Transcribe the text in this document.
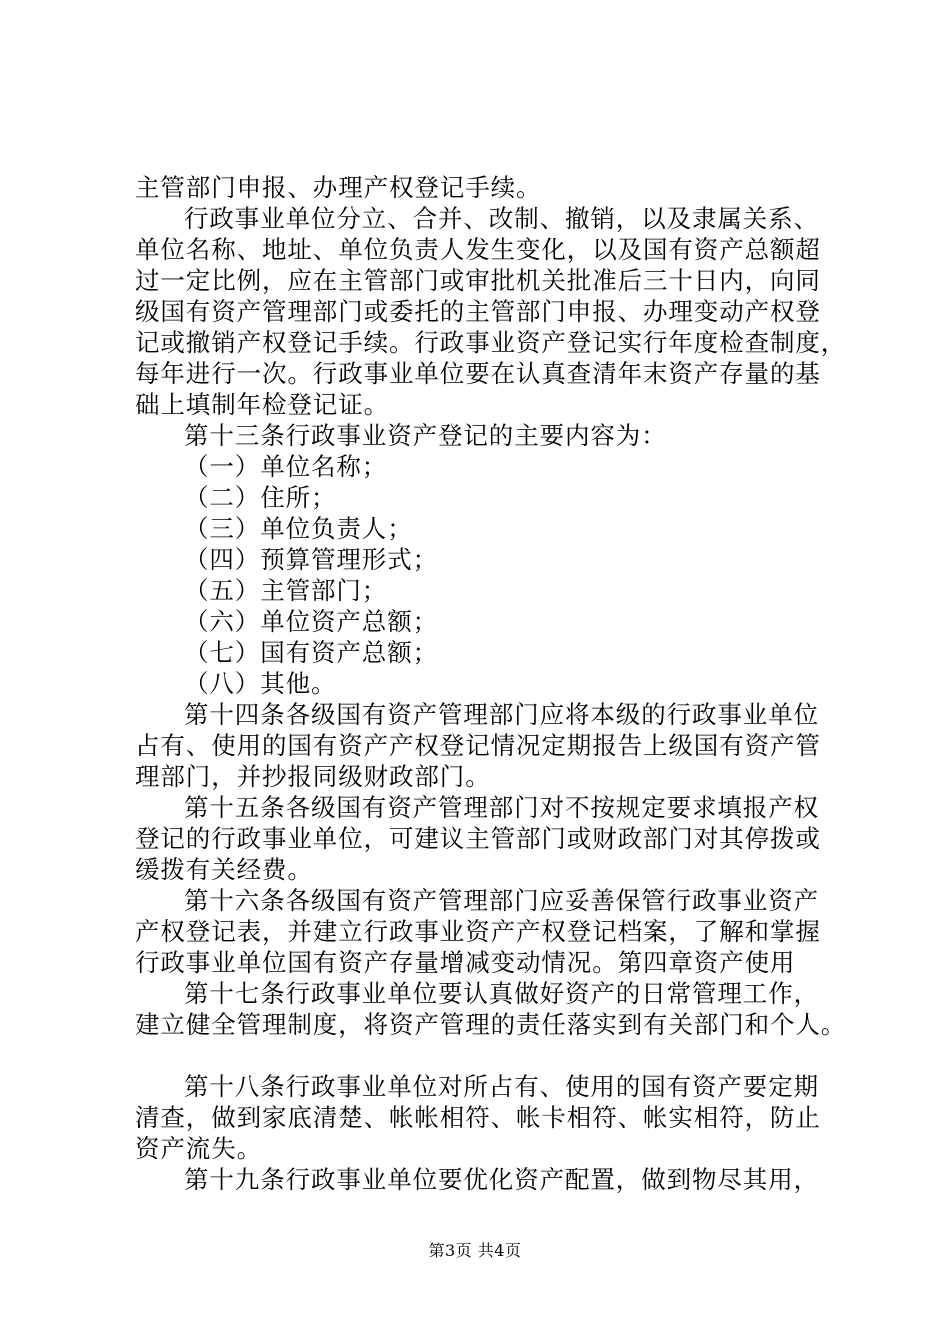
主管部门申报、办理产权登记手续。
行政事业单位分立、合并、改制、撤销，以及隶属关系、
单位名称、地址、单位负责人发生变化，以及国有资产总额超
过一定比例，应在主管部门或审批机关批准后三十日内，向同
级国有资产管理部门或委托的主管部门申报、办理变动产权登
记或撤销产权登记手续。行政事业资产登记实行年度检查制度，
每年进行一次。行政事业单位要在认真查清年末资产存量的基
础上填制年检登记证。
第十三条行政事业资产登记的主要内容为：
（一）单位名称；
（二）住所；
（三）单位负责人；
（四）预算管理形式；
（五）主管部门；
（六）单位资产总额；
（七）国有资产总额；
（八）其他。
第十四条各级国有资产管理部门应将本级的行政事业单位
占有、使用的国有资产产权登记情况定期报告上级国有资产管
理部门，并抄报同级财政部门。
第十五条各级国有资产管理部门对不按规定要求填报产权
登记的行政事业单位，可建议主管部门或财政部门对其停拨或
缓拨有关经费。
第十六条各级国有资产管理部门应妥善保管行政事业资产
产权登记表，并建立行政事业资产产权登记档案，了解和掌握
行政事业单位国有资产存量增减变动情况。第四章资产使用
第十七条行政事业单位要认真做好资产的日常管理工作，
建立健全管理制度，将资产管理的责任落实到有关部门和个人。
第十八条行政事业单位对所占有、使用的国有资产要定期
清查，做到家底清楚、帐帐相符、帐卡相符、帐实相符，防止
资产流失。
第十九条行政事业单位要优化资产配置，做到物尽其用，
第3页 共4页
